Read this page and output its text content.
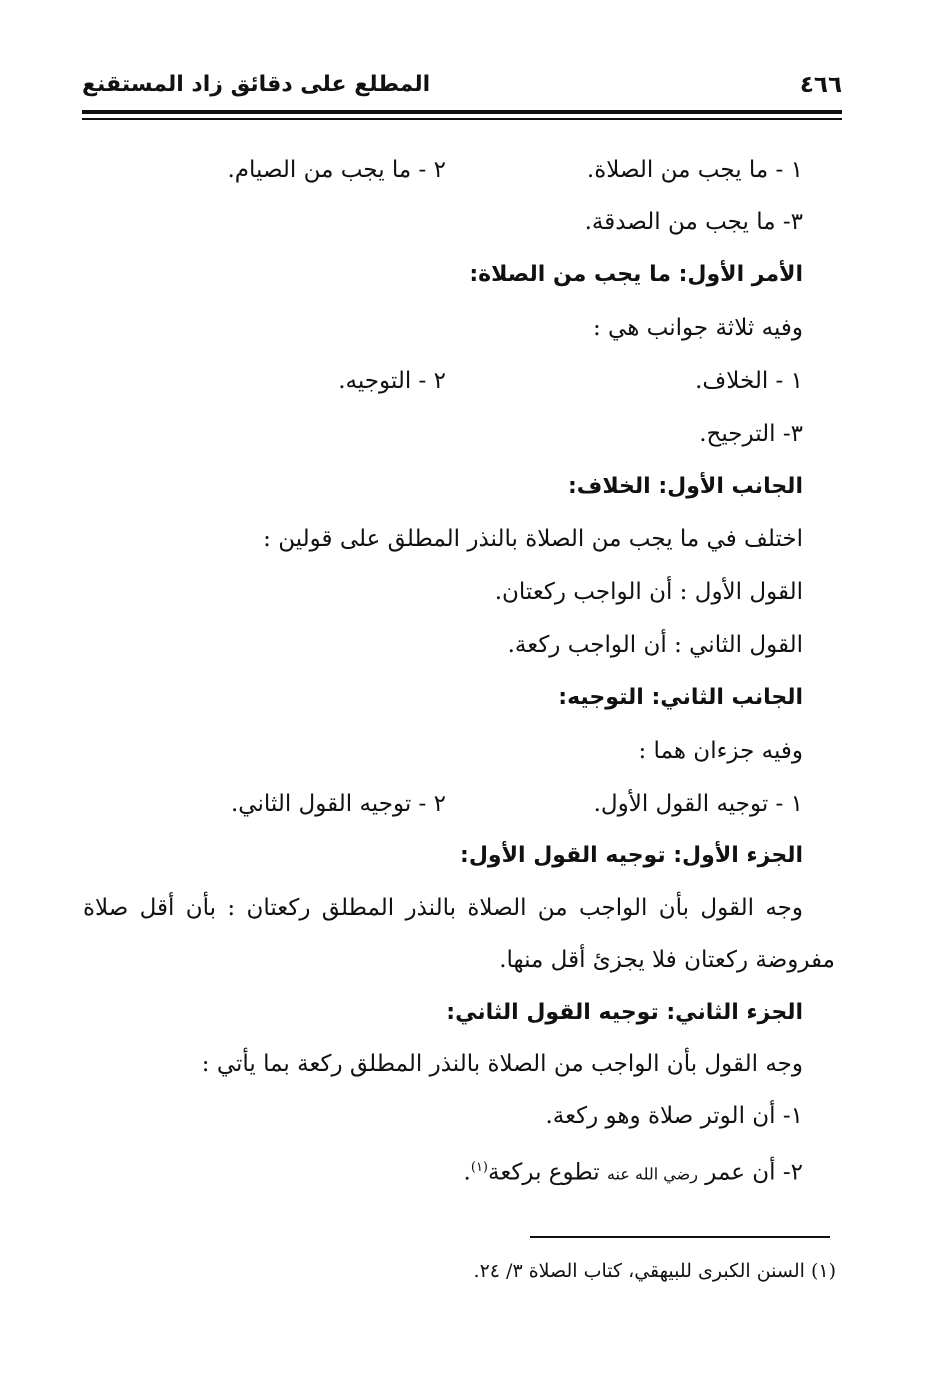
٤٦٦
المطلع على دقائق زاد المستقنع
١ - ما يجب من الصلاة.
٢ - ما يجب من الصيام.
٣- ما يجب من الصدقة.
الأمر الأول: ما يجب من الصلاة:
وفيه ثلاثة جوانب هي :
١ - الخلاف.
٢ - التوجيه.
٣- الترجيح.
الجانب الأول: الخلاف:
اختلف في ما يجب من الصلاة بالنذر المطلق على قولين :
القول الأول : أن الواجب ركعتان.
القول الثاني : أن الواجب ركعة.
الجانب الثاني: التوجيه:
وفيه جزءان هما :
١ - توجيه القول الأول.
٢ - توجيه القول الثاني.
الجزء الأول: توجيه القول الأول:
وجه القول بأن الواجب من الصلاة بالنذر المطلق ركعتان : بأن أقل صلاة
مفروضة ركعتان فلا يجزئ أقل منها.
الجزء الثاني: توجيه القول الثاني:
وجه القول بأن الواجب من الصلاة بالنذر المطلق ركعة بما يأتي :
١- أن الوتر صلاة وهو ركعة.
٢- أن عمر رضي الله عنه تطوع بركعة$^{(١)}$.
(١) السنن الكبرى للبيهقي، كتاب الصلاة ٣/ ٢٤.
